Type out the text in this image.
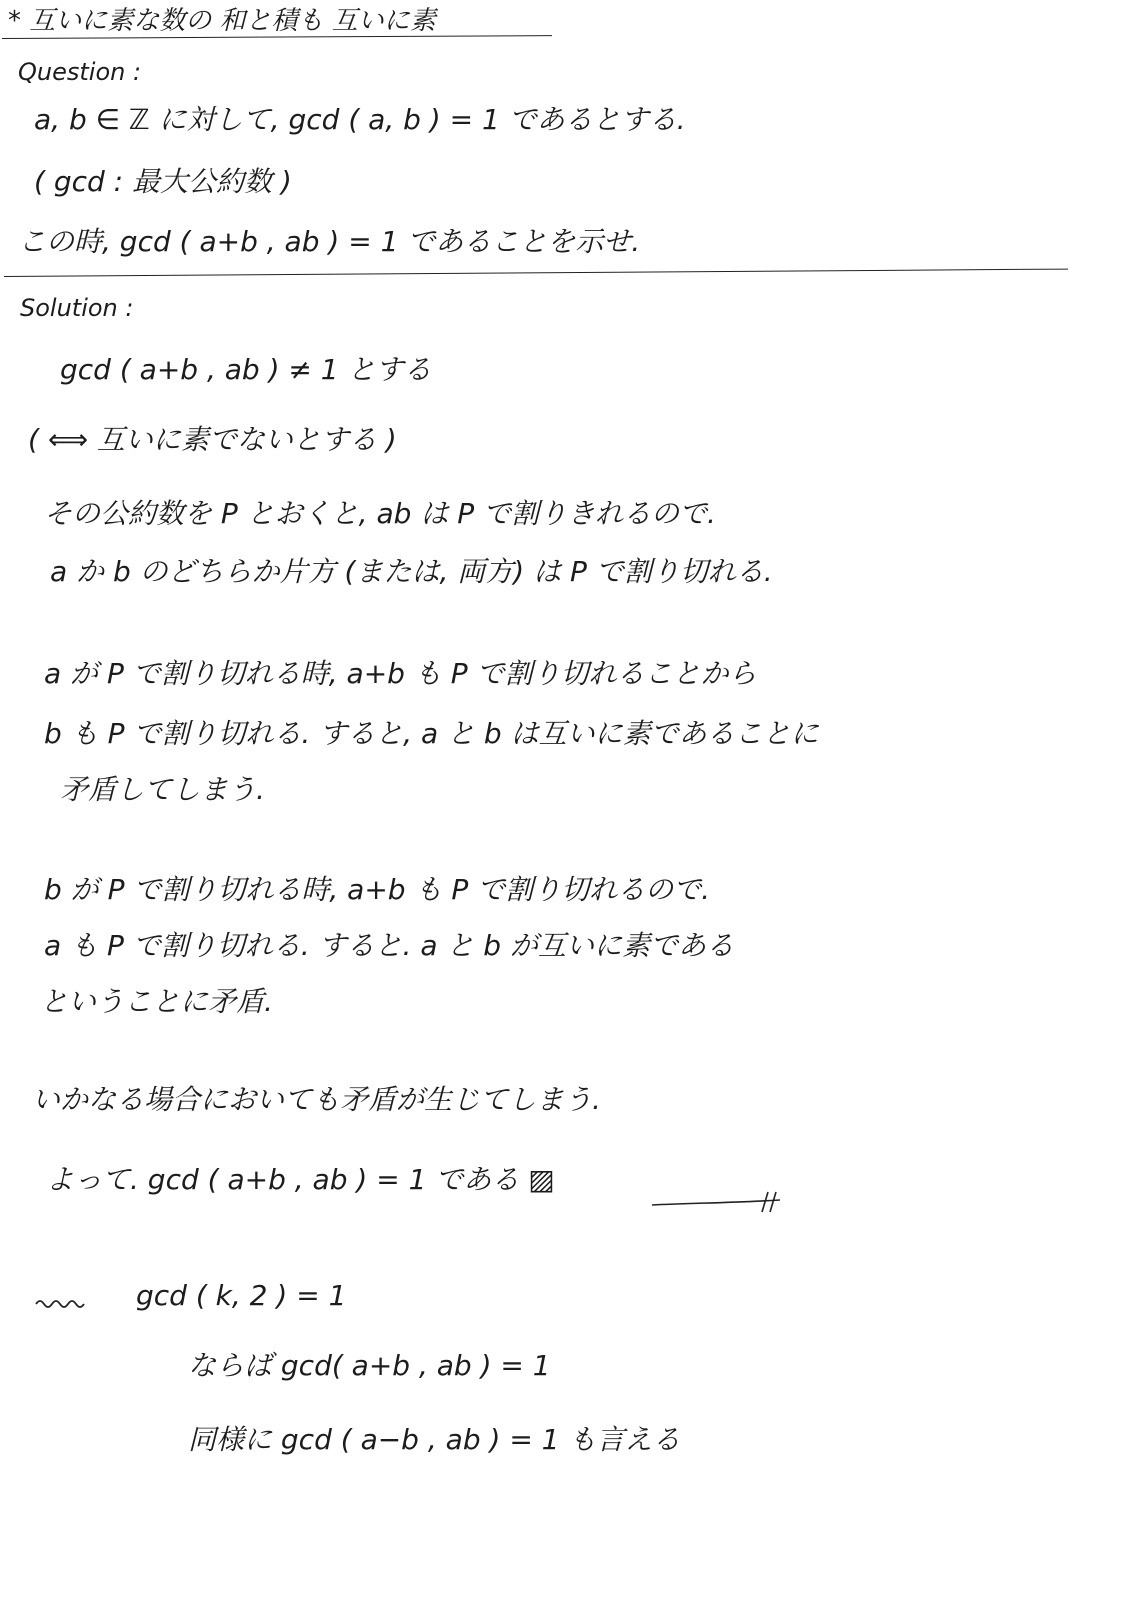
* 互いに素な数の 和と積も 互いに素
Question :
a, b ∈ ℤ に対して, gcd ( a, b ) = 1 であるとする.
( gcd : 最大公約数 )
この時, gcd ( a+b , ab ) = 1 であることを示せ.
Solution :
gcd ( a+b , ab ) ≠ 1 とする
( ⟺ 互いに素でないとする )
その公約数を P とおくと, ab は P で割りきれるので.
a か b のどちらか片方 (または, 両方) は P で割り切れる.
a が P で割り切れる時, a+b も P で割り切れることから
b も P で割り切れる. すると, a と b は互いに素であることに
矛盾してしまう.
b が P で割り切れる時, a+b も P で割り切れるので.
a も P で割り切れる. すると. a と b が互いに素である
ということに矛盾.
いかなる場合においても矛盾が生じてしまう.
よって. gcd ( a+b , ab ) = 1 である ▨
gcd ( k, 2 ) = 1
ならば gcd( a+b , ab ) = 1
同様に gcd ( a−b , ab ) = 1 も言える
